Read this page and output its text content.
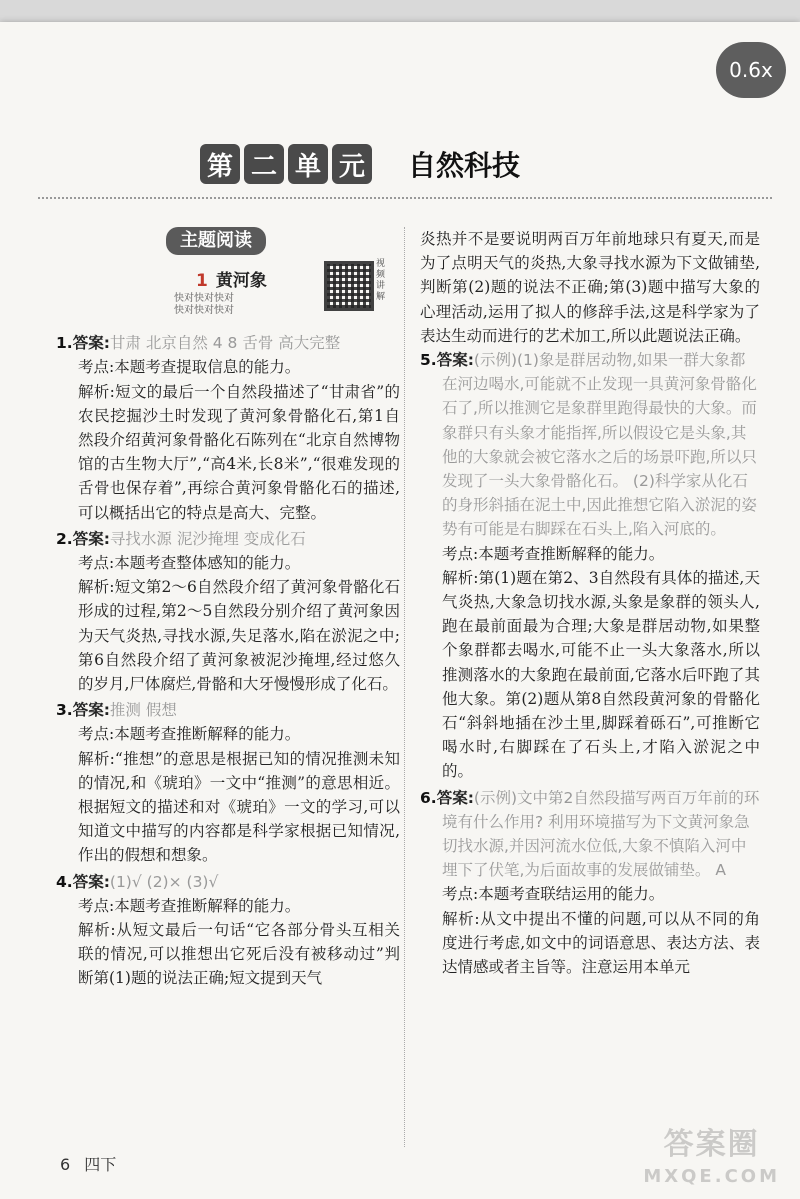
第 二 单 元 自然科技
主题阅读
1 黄河象
快对快对快对 快对快对快对
视频讲解
1.答案:甘肃 北京自然 4 8 舌骨 高大完整
考点:本题考查提取信息的能力。
解析:短文的最后一个自然段描述了“甘肃省”的农民挖掘沙土时发现了黄河象骨骼化石,第1自然段介绍黄河象骨骼化石陈列在“北京自然博物馆的古生物大厅”,“高4米,长8米”,“很难发现的舌骨也保存着”,再综合黄河象骨骼化石的描述,可以概括出它的特点是高大、完整。
2.答案:寻找水源 泥沙掩埋 变成化石
考点:本题考查整体感知的能力。
解析:短文第2～6自然段介绍了黄河象骨骼化石形成的过程,第2～5自然段分别介绍了黄河象因为天气炎热,寻找水源,失足落水,陷在淤泥之中;第6自然段介绍了黄河象被泥沙掩埋,经过悠久的岁月,尸体腐烂,骨骼和大牙慢慢形成了化石。
3.答案:推测 假想
考点:本题考查推断解释的能力。
解析:“推想”的意思是根据已知的情况推测未知的情况,和《琥珀》一文中“推测”的意思相近。根据短文的描述和对《琥珀》一文的学习,可以知道文中描写的内容都是科学家根据已知情况,作出的假想和想象。
4.答案:(1)√ (2)× (3)√
考点:本题考查推断解释的能力。
解析:从短文最后一句话“它各部分骨头互相关联的情况,可以推想出它死后没有被移动过”判断第(1)题的说法正确;短文提到天气
炎热并不是要说明两百万年前地球只有夏天,而是为了点明天气的炎热,大象寻找水源为下文做铺垫,判断第(2)题的说法不正确;第(3)题中描写大象的心理活动,运用了拟人的修辞手法,这是科学家为了表达生动而进行的艺术加工,所以此题说法正确。
5.答案:(示例)(1)象是群居动物,如果一群大象都在河边喝水,可能就不止发现一具黄河象骨骼化石了,所以推测它是象群里跑得最快的大象。而象群只有头象才能指挥,所以假设它是头象,其他的大象就会被它落水之后的场景吓跑,所以只发现了一头大象骨骼化石。 (2)科学家从化石的身形斜插在泥土中,因此推想它陷入淤泥的姿势有可能是右脚踩在石头上,陷入河底的。
考点:本题考查推断解释的能力。
解析:第(1)题在第2、3自然段有具体的描述,天气炎热,大象急切找水源,头象是象群的领头人,跑在最前面最为合理;大象是群居动物,如果整个象群都去喝水,可能不止一头大象落水,所以推测落水的大象跑在最前面,它落水后吓跑了其他大象。第(2)题从第8自然段黄河象的骨骼化石“斜斜地插在沙土里,脚踩着砾石”,可推断它喝水时,右脚踩在了石头上,才陷入淤泥之中的。
6.答案:(示例)文中第2自然段描写两百万年前的环境有什么作用? 利用环境描写为下文黄河象急切找水源,并因河流水位低,大象不慎陷入河中埋下了伏笔,为后面故事的发展做铺垫。 A
考点:本题考查联结运用的能力。
解析:从文中提出不懂的问题,可以从不同的角度进行考虑,如文中的词语意思、表达方法、表达情感或者主旨等。注意运用本单元
6 四下
答案圈
MXQE.COM
0.6x
